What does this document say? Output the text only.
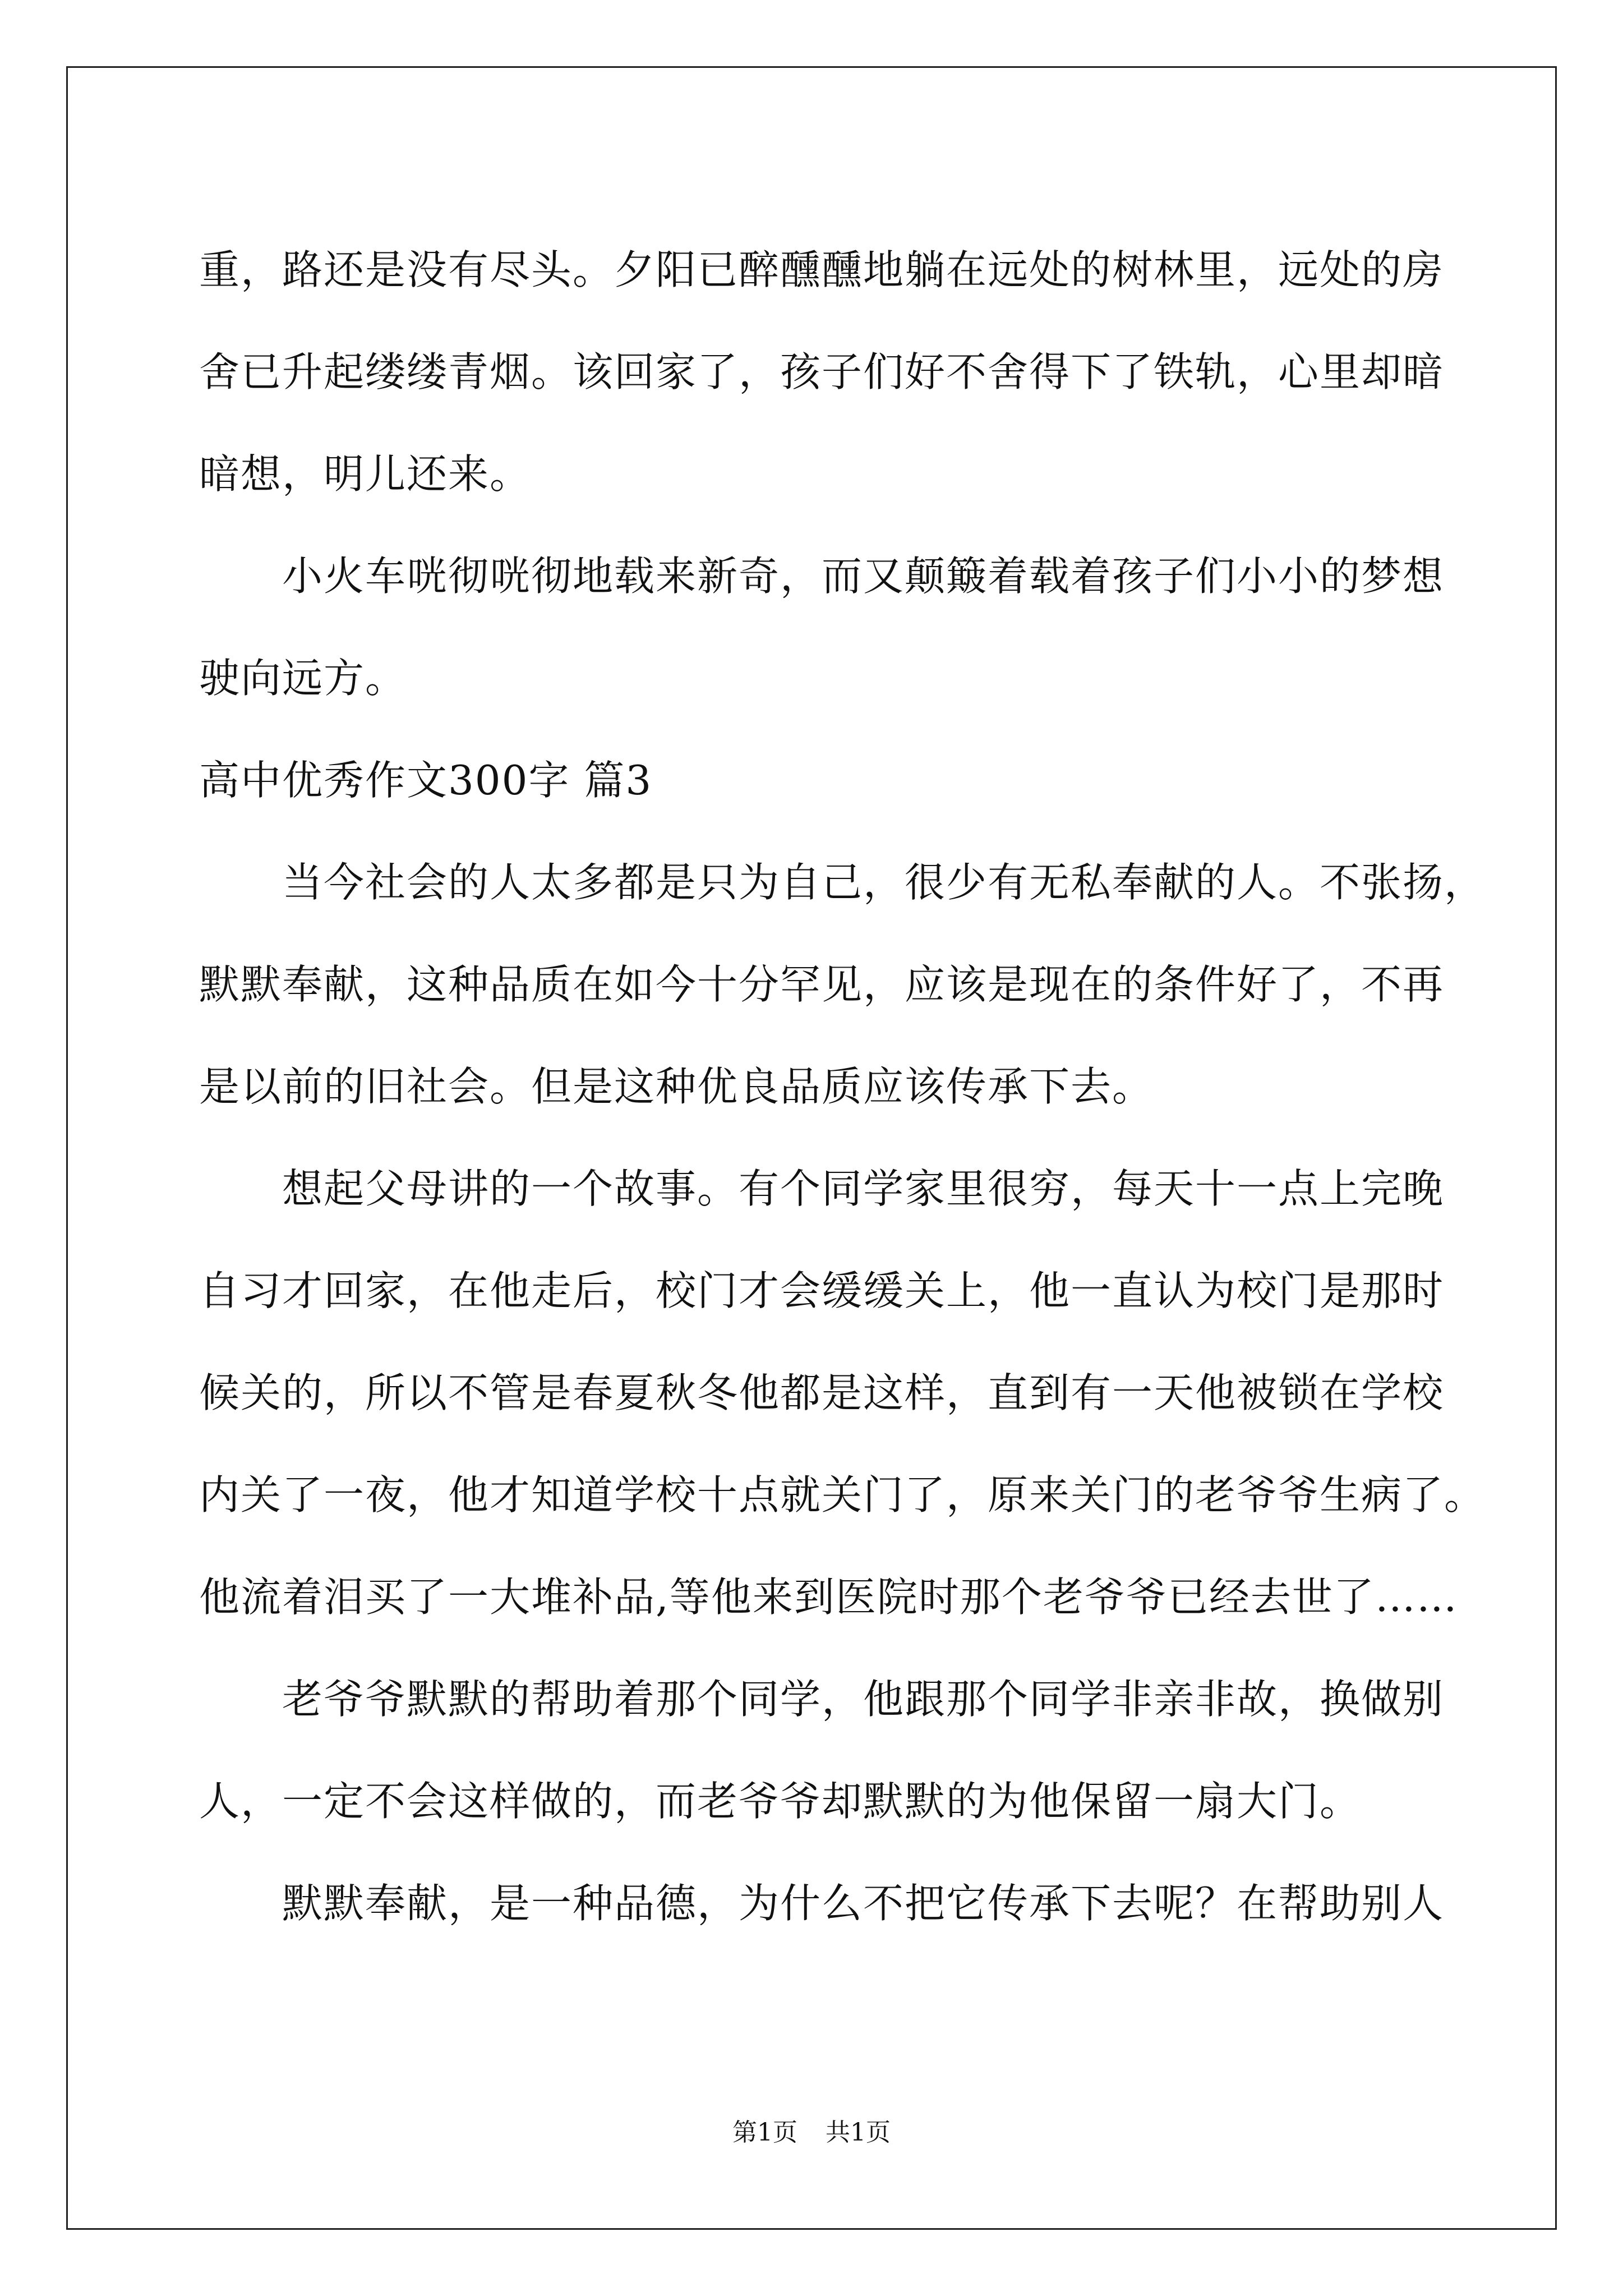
重，路还是没有尽头。夕阳已醉醺醺地躺在远处的树林里，远处的房
舍已升起缕缕青烟。该回家了，孩子们好不舍得下了铁轨，心里却暗
暗想，明儿还来。
小火车咣彻咣彻地载来新奇，而又颠簸着载着孩子们小小的梦想
驶向远方。
高中优秀作文300字 篇3
当今社会的人太多都是只为自己，很少有无私奉献的人。不张扬，
默默奉献，这种品质在如今十分罕见，应该是现在的条件好了，不再
是以前的旧社会。但是这种优良品质应该传承下去。
想起父母讲的一个故事。有个同学家里很穷，每天十一点上完晚
自习才回家，在他走后，校门才会缓缓关上，他一直认为校门是那时
候关的，所以不管是春夏秋冬他都是这样，直到有一天他被锁在学校
内关了一夜，他才知道学校十点就关门了，原来关门的老爷爷生病了。
他流着泪买了一大堆补品,等他来到医院时那个老爷爷已经去世了……
老爷爷默默的帮助着那个同学，他跟那个同学非亲非故，换做别
人，一定不会这样做的，而老爷爷却默默的为他保留一扇大门。
默默奉献，是一种品德，为什么不把它传承下去呢？在帮助别人
第1页 共1页
